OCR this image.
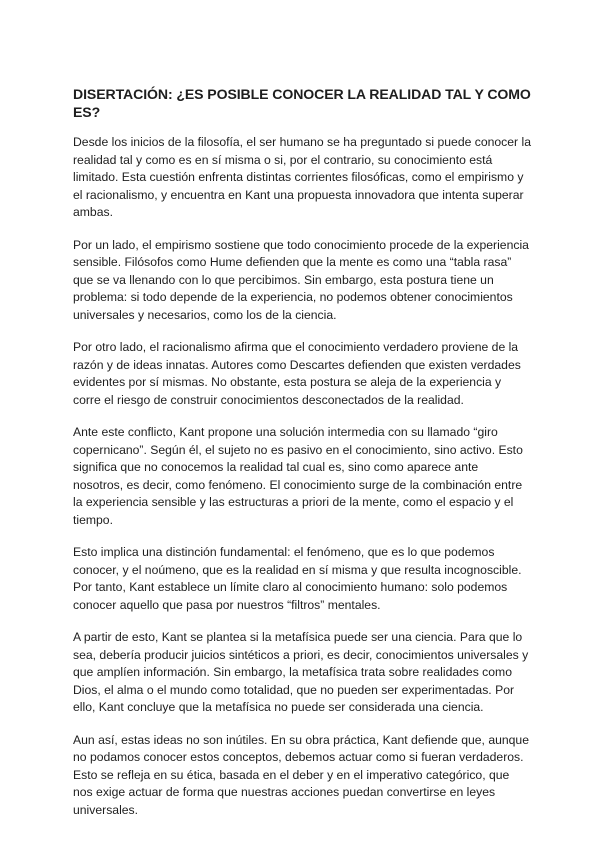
DISERTACIÓN: ¿ES POSIBLE CONOCER LA REALIDAD TAL Y COMO ES?

Desde los inicios de la filosofía, el ser humano se ha preguntado si puede conocer la realidad tal y como es en sí misma o si, por el contrario, su conocimiento está limitado. Esta cuestión enfrenta distintas corrientes filosóficas, como el empirismo y el racionalismo, y encuentra en Kant una propuesta innovadora que intenta superar ambas.

Por un lado, el empirismo sostiene que todo conocimiento procede de la experiencia sensible. Filósofos como Hume defienden que la mente es como una “tabla rasa” que se va llenando con lo que percibimos. Sin embargo, esta postura tiene un problema: si todo depende de la experiencia, no podemos obtener conocimientos universales y necesarios, como los de la ciencia.

Por otro lado, el racionalismo afirma que el conocimiento verdadero proviene de la razón y de ideas innatas. Autores como Descartes defienden que existen verdades evidentes por sí mismas. No obstante, esta postura se aleja de la experiencia y corre el riesgo de construir conocimientos desconectados de la realidad.

Ante este conflicto, Kant propone una solución intermedia con su llamado “giro copernicano”. Según él, el sujeto no es pasivo en el conocimiento, sino activo. Esto significa que no conocemos la realidad tal cual es, sino como aparece ante nosotros, es decir, como fenómeno. El conocimiento surge de la combinación entre la experiencia sensible y las estructuras a priori de la mente, como el espacio y el tiempo.

Esto implica una distinción fundamental: el fenómeno, que es lo que podemos conocer, y el noúmeno, que es la realidad en sí misma y que resulta incognoscible. Por tanto, Kant establece un límite claro al conocimiento humano: solo podemos conocer aquello que pasa por nuestros “filtros” mentales.

A partir de esto, Kant se plantea si la metafísica puede ser una ciencia. Para que lo sea, debería producir juicios sintéticos a priori, es decir, conocimientos universales y que amplíen información. Sin embargo, la metafísica trata sobre realidades como Dios, el alma o el mundo como totalidad, que no pueden ser experimentadas. Por ello, Kant concluye que la metafísica no puede ser considerada una ciencia.

Aun así, estas ideas no son inútiles. En su obra práctica, Kant defiende que, aunque no podamos conocer estos conceptos, debemos actuar como si fueran verdaderos. Esto se refleja en su ética, basada en el deber y en el imperativo categórico, que nos exige actuar de forma que nuestras acciones puedan convertirse en leyes universales.
